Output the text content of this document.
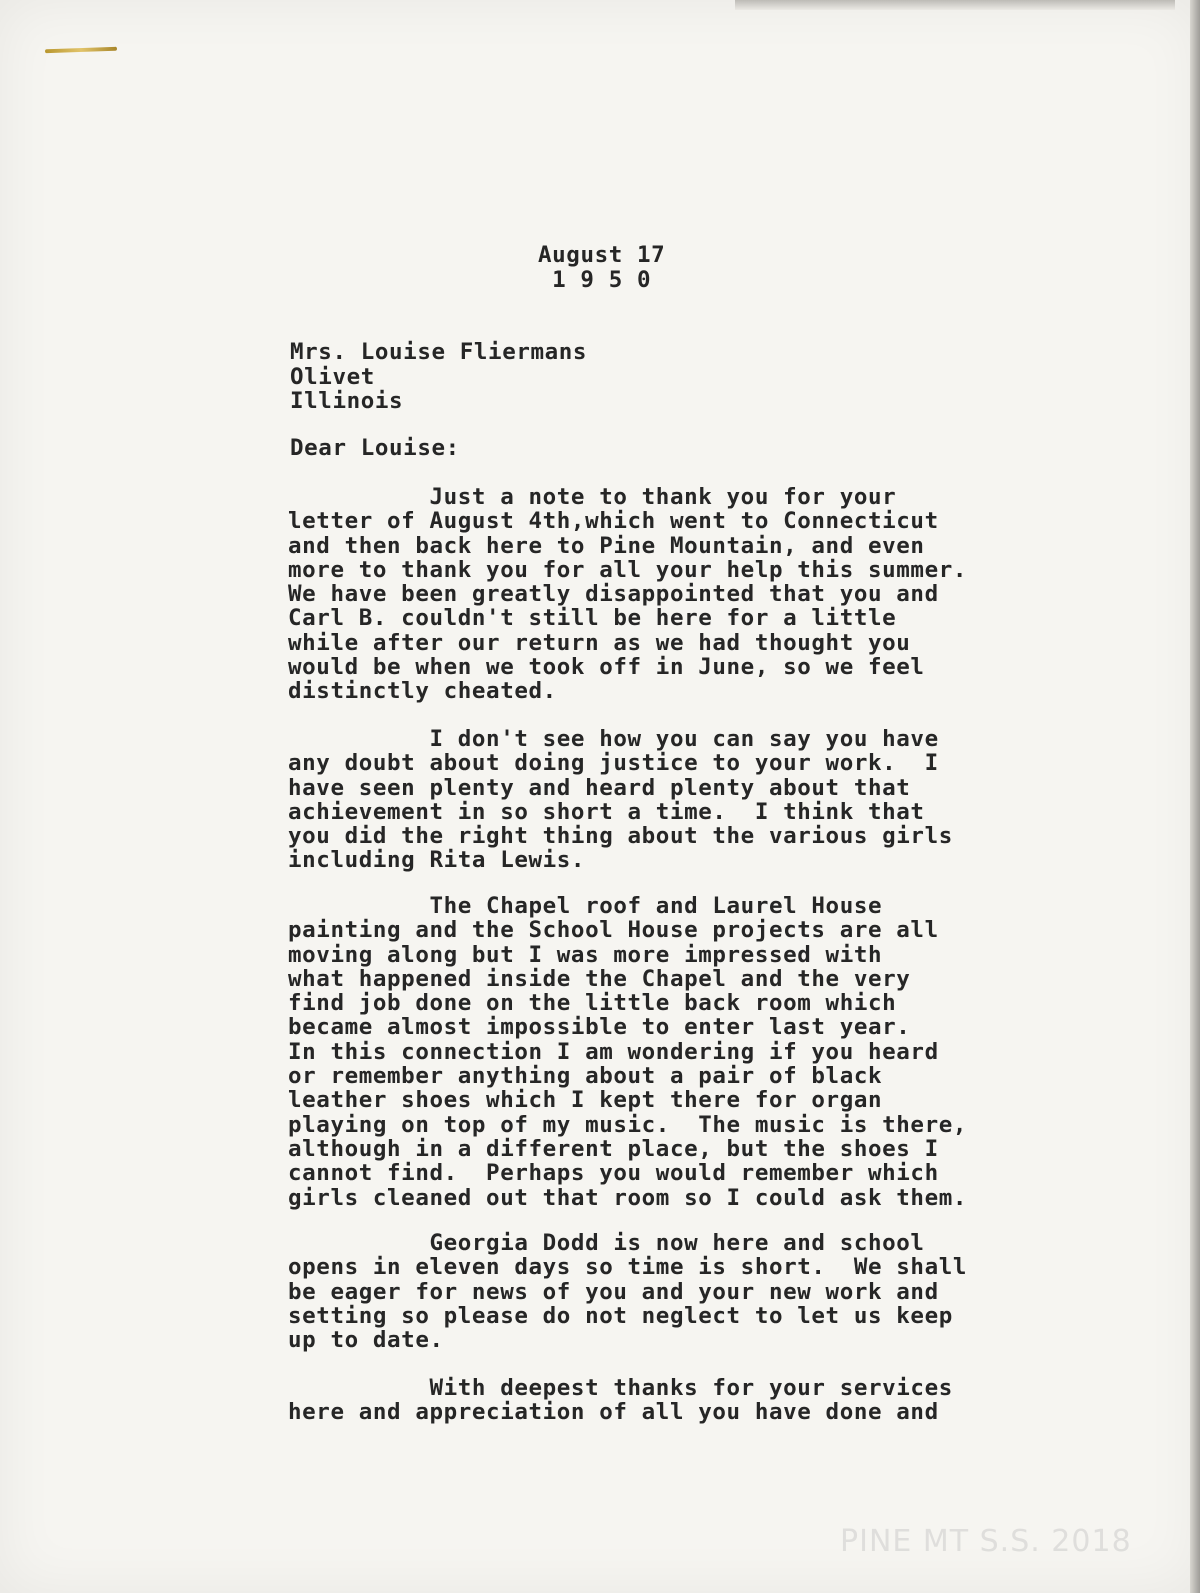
August 17
1 9 5 0
Mrs. Louise Fliermans
Olivet
Illinois
Dear Louise:
Just a note to thank you for your
letter of August 4th,which went to Connecticut
and then back here to Pine Mountain, and even
more to thank you for all your help this summer.
We have been greatly disappointed that you and
Carl B. couldn't still be here for a little
while after our return as we had thought you
would be when we took off in June, so we feel
distinctly cheated.
I don't see how you can say you have
any doubt about doing justice to your work.  I
have seen plenty and heard plenty about that
achievement in so short a time.  I think that
you did the right thing about the various girls
including Rita Lewis.
The Chapel roof and Laurel House
painting and the School House projects are all
moving along but I was more impressed with
what happened inside the Chapel and the very
find job done on the little back room which
became almost impossible to enter last year.
In this connection I am wondering if you heard
or remember anything about a pair of black
leather shoes which I kept there for organ
playing on top of my music.  The music is there,
although in a different place, but the shoes I
cannot find.  Perhaps you would remember which
girls cleaned out that room so I could ask them.
Georgia Dodd is now here and school
opens in eleven days so time is short.  We shall
be eager for news of you and your new work and
setting so please do not neglect to let us keep
up to date.
With deepest thanks for your services
here and appreciation of all you have done and
PINE MT S.S. 2018
